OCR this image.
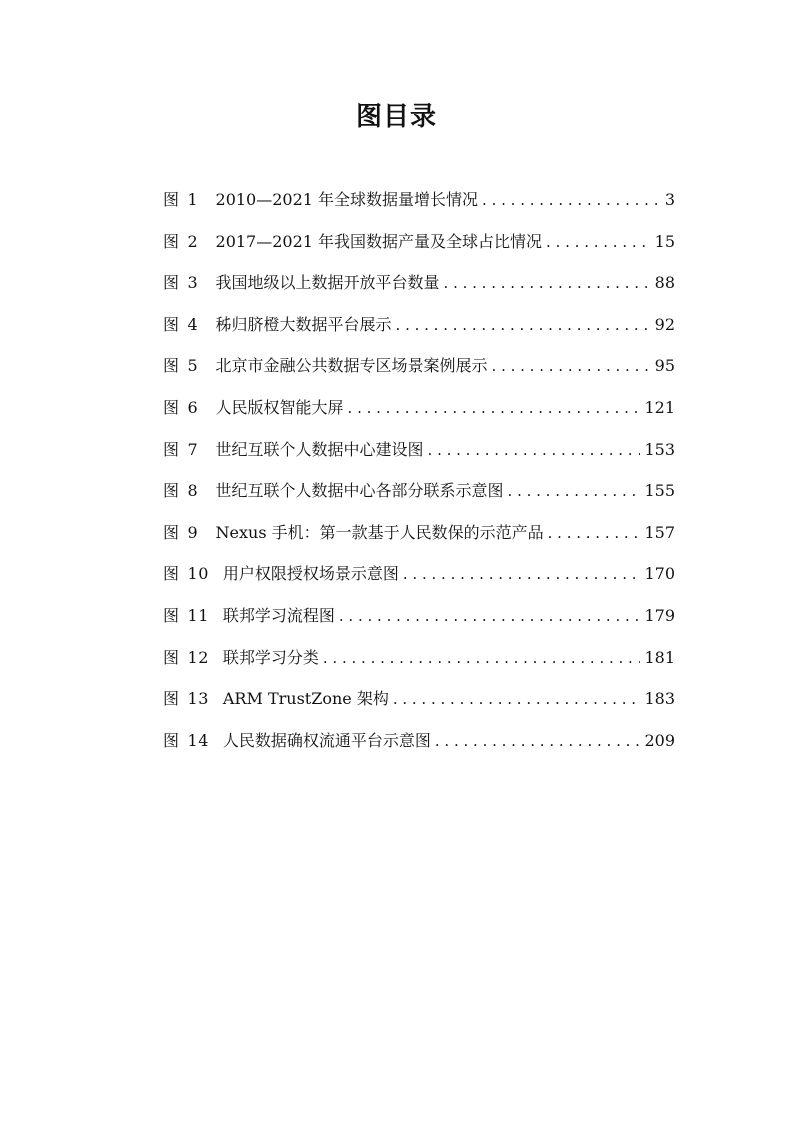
图目录
图 1 2010—2021 年全球数据量增长情况 . . .	3
图 2 2017—2021 年我国数据产量及全球占比情况 . . .	15
图 3 我国地级以上数据开放平台数量 . . .	88
图 4 秭归脐橙大数据平台展示 . . .	92
图 5 北京市金融公共数据专区场景案例展示 . . .	95
图 6 人民版权智能大屏 . . .	121
图 7 世纪互联个人数据中心建设图 . . .	153
图 8 世纪互联个人数据中心各部分联系示意图 . . .	155
图 9 Nexus 手机：第一款基于人民数保的示范产品 . . .	157
图 10 用户权限授权场景示意图 . . .	170
图 11 联邦学习流程图 . . .	179
图 12 联邦学习分类 . . .	181
图 13 ARM TrustZone 架构 . . .	183
图 14 人民数据确权流通平台示意图 . . .	209
